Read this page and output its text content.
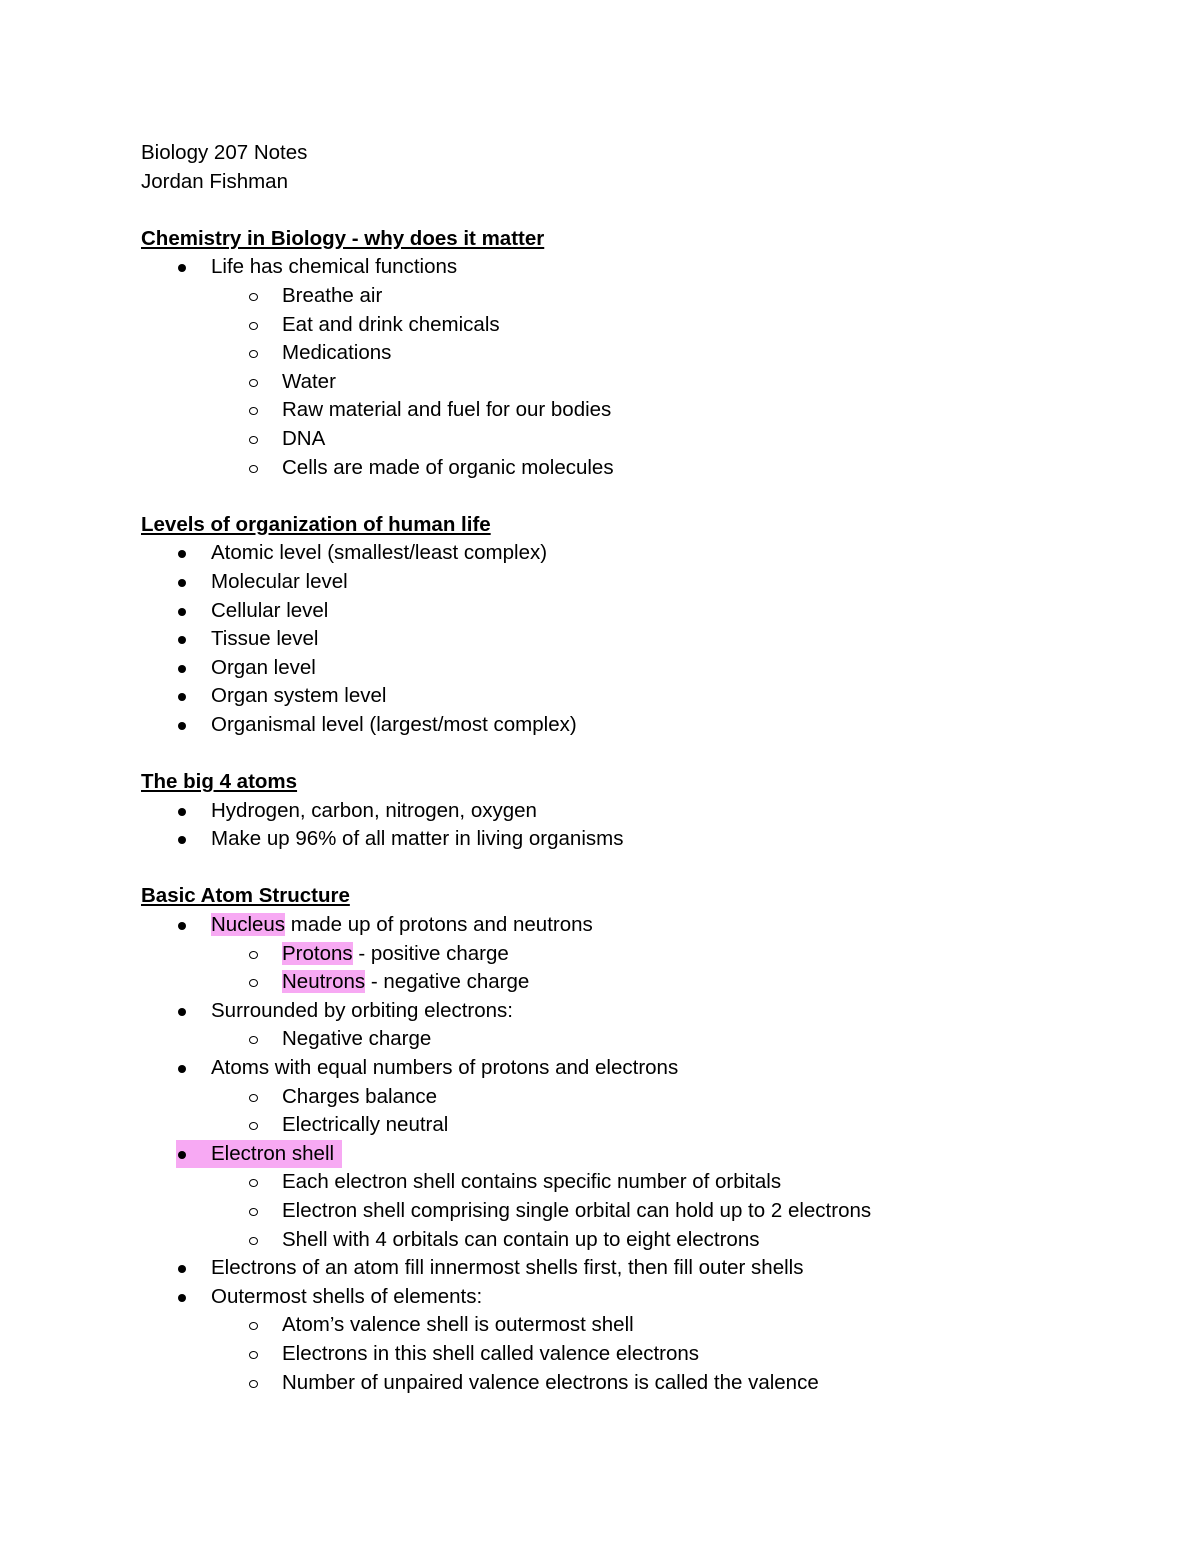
Biology 207 Notes
Jordan Fishman
Chemistry in Biology - why does it matter
Life has chemical functions
Breathe air
Eat and drink chemicals
Medications
Water
Raw material and fuel for our bodies
DNA
Cells are made of organic molecules
Levels of organization of human life
Atomic level (smallest/least complex)
Molecular level
Cellular level
Tissue level
Organ level
Organ system level
Organismal level (largest/most complex)
The big 4 atoms
Hydrogen, carbon, nitrogen, oxygen
Make up 96% of all matter in living organisms
Basic Atom Structure
Nucleus made up of protons and neutrons
Protons - positive charge
Neutrons - negative charge
Surrounded by orbiting electrons:
Negative charge
Atoms with equal numbers of protons and electrons
Charges balance
Electrically neutral
Electron shell
Each electron shell contains specific number of orbitals
Electron shell comprising single orbital can hold up to 2 electrons
Shell with 4 orbitals can contain up to eight electrons
Electrons of an atom fill innermost shells first, then fill outer shells
Outermost shells of elements:
Atom’s valence shell is outermost shell
Electrons in this shell called valence electrons
Number of unpaired valence electrons is called the valence
